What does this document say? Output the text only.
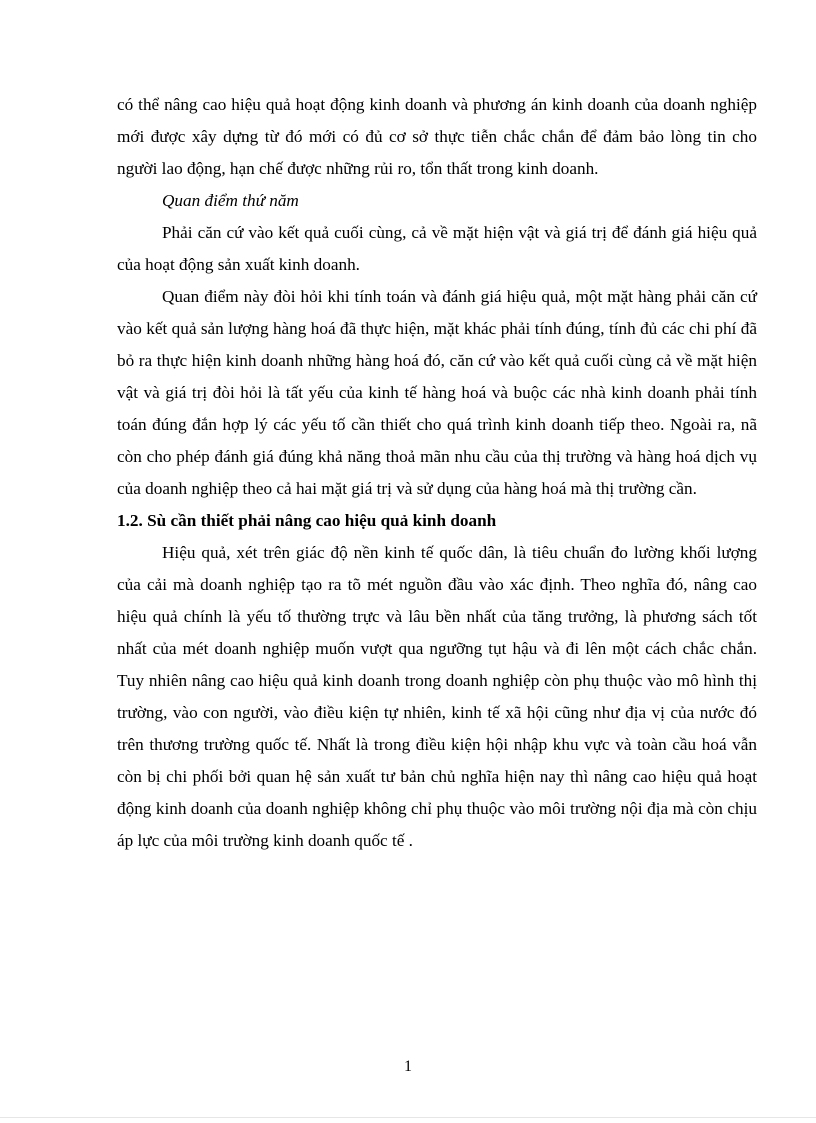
có thể nâng cao hiệu quả hoạt động kinh doanh và phương án kinh doanh của doanh nghiệp mới được xây dựng từ đó mới có đủ cơ sở thực tiễn chắc chắn để đảm bảo lòng tin cho người lao động, hạn chế được những rủi ro, tổn thất trong kinh doanh.

Quan điểm thứ năm

Phải căn cứ vào kết quả cuối cùng, cả về mặt hiện vật và giá trị để đánh giá hiệu quả của hoạt động sản xuất kinh doanh.

Quan điểm này đòi hỏi khi tính toán và đánh giá hiệu quả, một mặt hàng phải căn cứ vào kết quả sản lượng hàng hoá đã thực hiện, mặt khác phải tính đúng, tính đủ các chi phí đã bỏ ra thực hiện kinh doanh những hàng hoá đó, căn cứ vào kết quả cuối cùng cả về mặt hiện vật và giá trị đòi hỏi là tất yếu của kinh tế hàng hoá và buộc các nhà kinh doanh phải tính toán đúng đắn hợp lý các yếu tố cần thiết cho quá trình kinh doanh tiếp theo. Ngoài ra, nã còn cho phép đánh giá đúng khả năng thoả mãn nhu cầu của thị trường và hàng hoá dịch vụ của doanh nghiệp theo cả hai mặt giá trị và sử dụng của hàng hoá mà thị trường cần.

1.2. Sù cần thiết phải nâng cao hiệu quả kinh doanh

Hiệu quả, xét trên giác độ nền kinh tế quốc dân, là tiêu chuẩn đo lường khối lượng của cải mà doanh nghiệp tạo ra tõ mét nguồn đầu vào xác định. Theo nghĩa đó, nâng cao hiệu quả chính là yếu tố thường trực và lâu bền nhất của tăng trưởng, là phương sách tốt nhất của mét doanh nghiệp muốn vượt qua ngưỡng tụt hậu và đi lên một cách chắc chắn. Tuy nhiên nâng cao hiệu quả kinh doanh trong doanh nghiệp còn phụ thuộc vào mô hình thị trường, vào con người, vào điều kiện tự nhiên, kinh tế xã hội cũng như địa vị của nước đó trên thương trường quốc tế. Nhất là trong điều kiện hội nhập khu vực và toàn cầu hoá vẫn còn bị chi phối bởi quan hệ sản xuất tư bản chủ nghĩa hiện nay thì nâng cao hiệu quả hoạt động kinh doanh của doanh nghiệp không chỉ phụ thuộc vào môi trường nội địa mà còn chịu áp lực của môi trường kinh doanh quốc tế .

1
